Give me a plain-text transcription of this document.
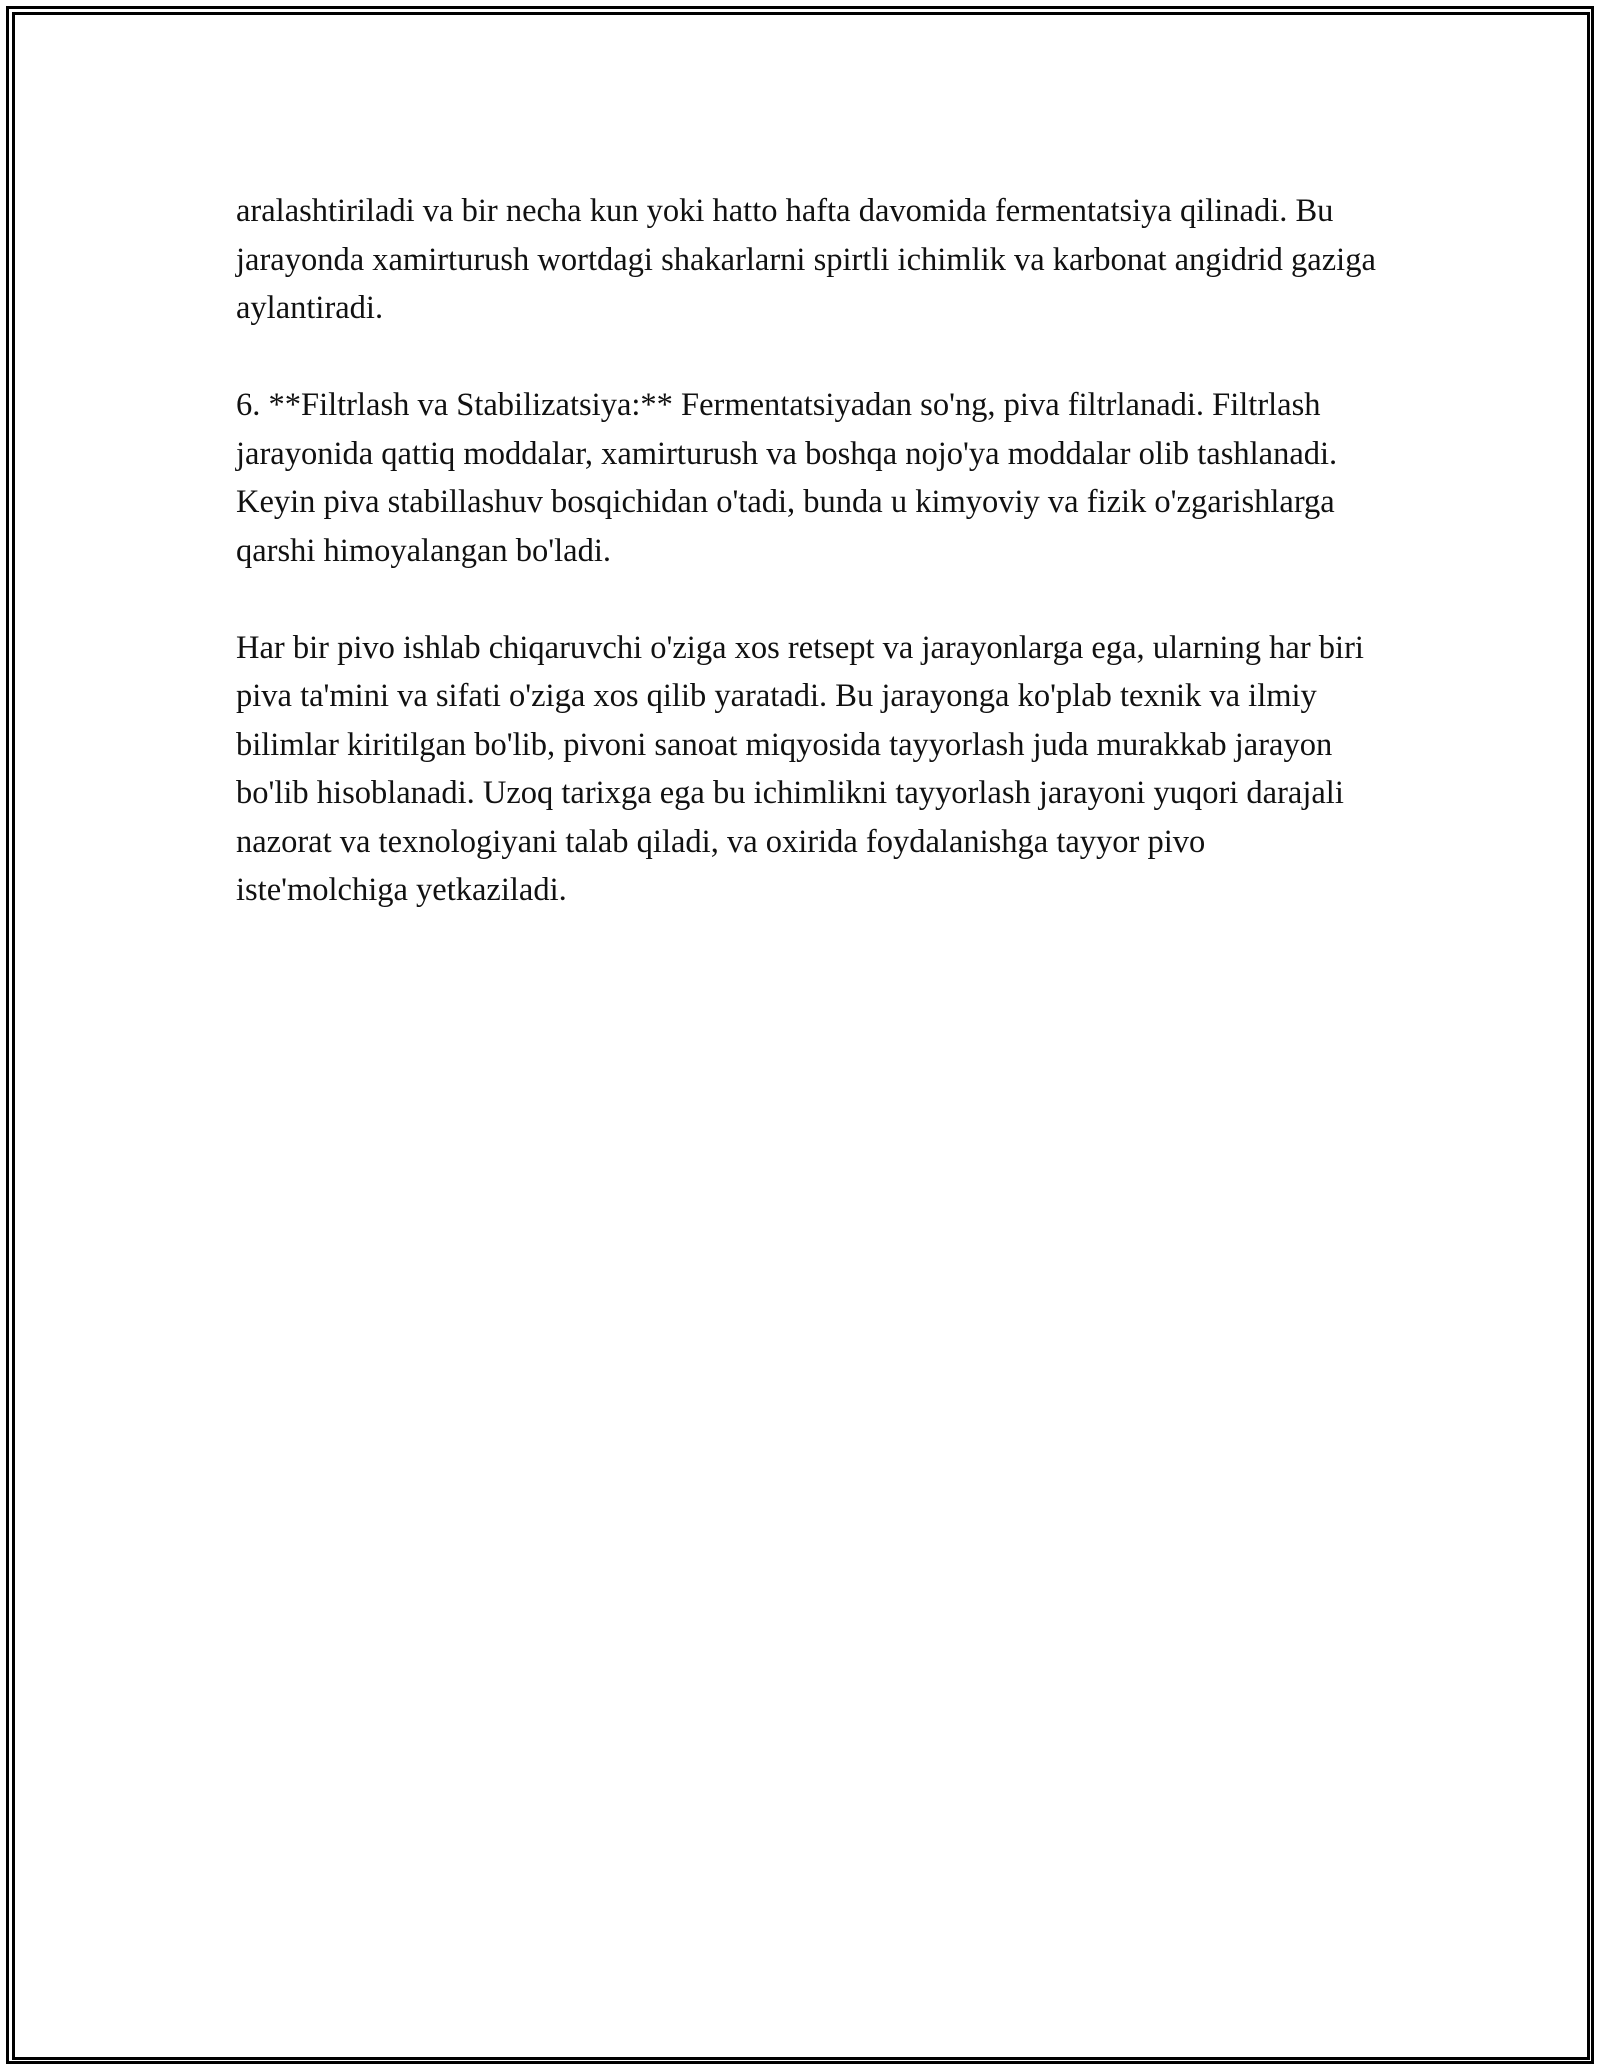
aralashtiriladi va bir necha kun yoki hatto hafta davomida fermentatsiya qilinadi. Bu jarayonda xamirturush wortdagi shakarlarni spirtli ichimlik va karbonat angidrid gaziga aylantiradi.

6. **Filtrlash va Stabilizatsiya:** Fermentatsiyadan so'ng, piva filtrlanadi. Filtrlash jarayonida qattiq moddalar, xamirturush va boshqa nojo'ya moddalar olib tashlanadi. Keyin piva stabillashuv bosqichidan o'tadi, bunda u kimyoviy va fizik o'zgarishlarga qarshi himoyalangan bo'ladi.

Har bir pivo ishlab chiqaruvchi o'ziga xos retsept va jarayonlarga ega, ularning har biri piva ta'mini va sifati o'ziga xos qilib yaratadi. Bu jarayonga ko'plab texnik va ilmiy bilimlar kiritilgan bo'lib, pivoni sanoat miqyosida tayyorlash juda murakkab jarayon bo'lib hisoblanadi. Uzoq tarixga ega bu ichimlikni tayyorlash jarayoni yuqori darajali nazorat va texnologiyani talab qiladi, va oxirida foydalanishga tayyor pivo iste'molchiga yetkaziladi.
